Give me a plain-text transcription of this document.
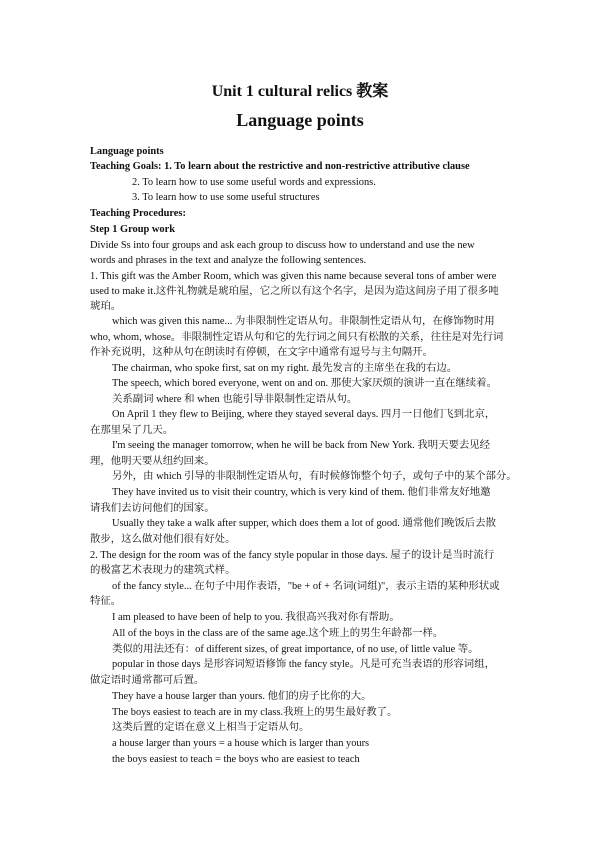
Unit 1 cultural relics 教案
Language points
Language points
Teaching Goals: 1. To learn about the restrictive and non-restrictive attributive clause
2. To learn how to use some useful words and expressions.
3. To learn how to use some useful structures
Teaching Procedures:
Step 1 Group work
Divide Ss into four groups and ask each group to discuss how to understand and use the new
words and phrases in the text and analyze the following sentences.
1. This gift was the Amber Room, which was given this name because several tons of amber were
used to make it.这件礼物就是琥珀屋，它之所以有这个名字，是因为造这间房子用了很多吨
琥珀。
which was given this name... 为非限制性定语从句。非限制性定语从句，在修饰物时用
who, whom, whose。非限制性定语从句和它的先行词之间只有松散的关系，往往是对先行词
作补充说明，这种从句在朗读时有停顿，在文字中通常有逗号与主句隔开。
The chairman, who spoke first, sat on my right. 最先发言的主席坐在我的右边。
The speech, which bored everyone, went on and on. 那使大家厌烦的演讲一直在继续着。
关系副词 where 和 when 也能引导非限制性定语从句。
On April 1 they flew to Beijing, where they stayed several days. 四月一日他们飞到北京，
在那里呆了几天。
I'm seeing the manager tomorrow, when he will be back from New York. 我明天要去见经
理，他明天要从纽约回来。
另外，由 which 引导的非限制性定语从句，有时候修饰整个句子，或句子中的某个部分。
They have invited us to visit their country, which is very kind of them. 他们非常友好地邀
请我们去访问他们的国家。
Usually they take a walk after supper, which does them a lot of good. 通常他们晚饭后去散
散步，这么做对他们很有好处。
2. The design for the room was of the fancy style popular in those days. 屋子的设计是当时流行
的极富艺术表现力的建筑式样。
of the fancy style... 在句子中用作表语，"be + of + 名词(词组)"，表示主语的某种形状或
特征。
I am pleased to have been of help to you. 我很高兴我对你有帮助。
All of the boys in the class are of the same age.这个班上的男生年龄都一样。
类似的用法还有：of different sizes, of great importance, of no use, of little value 等。
popular in those days 是形容词短语修饰 the fancy style。凡是可充当表语的形容词组，
做定语时通常都可后置。
They have a house larger than yours. 他们的房子比你的大。
The boys easiest to teach are in my class.我班上的男生最好教了。
这类后置的定语在意义上相当于定语从句。
a house larger than yours = a house which is larger than yours
the boys easiest to teach = the boys who are easiest to teach
